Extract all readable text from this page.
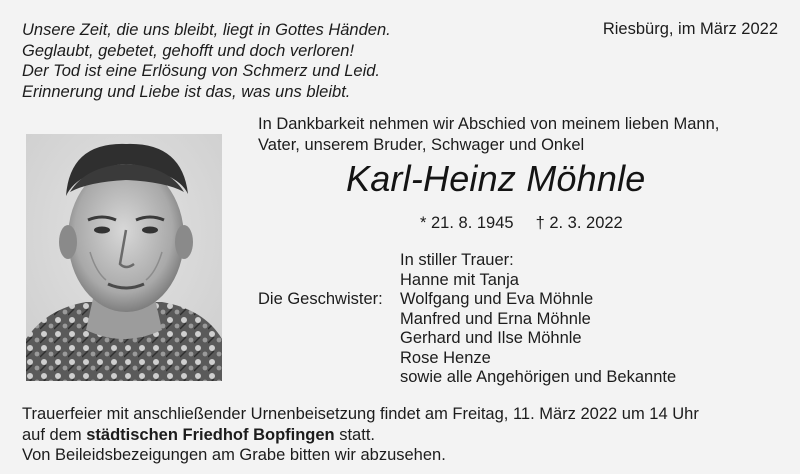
Unsere Zeit, die uns bleibt, liegt in Gottes Händen.
Geglaubt, gebetet, gehofft und doch verloren!
Der Tod ist eine Erlösung von Schmerz und Leid.
Erinnerung und Liebe ist das, was uns bleibt.
Riesbürg, im März 2022
In Dankbarkeit nehmen wir Abschied von meinem lieben Mann,
Vater, unserem Bruder, Schwager und Onkel
Karl-Heinz Möhnle
* 21. 8. 1945 † 2. 3. 2022
In stiller Trauer:
Hanne mit Tanja
Die Geschwister: Wolfgang und Eva Möhnle
Manfred und Erna Möhnle
Gerhard und Ilse Möhnle
Rose Henze
sowie alle Angehörigen und Bekannte
Trauerfeier mit anschließender Urnenbeisetzung findet am Freitag, 11. März 2022 um 14 Uhr
auf dem städtischen Friedhof Bopfingen statt.
Von Beileidsbezeigungen am Grabe bitten wir abzusehen.
